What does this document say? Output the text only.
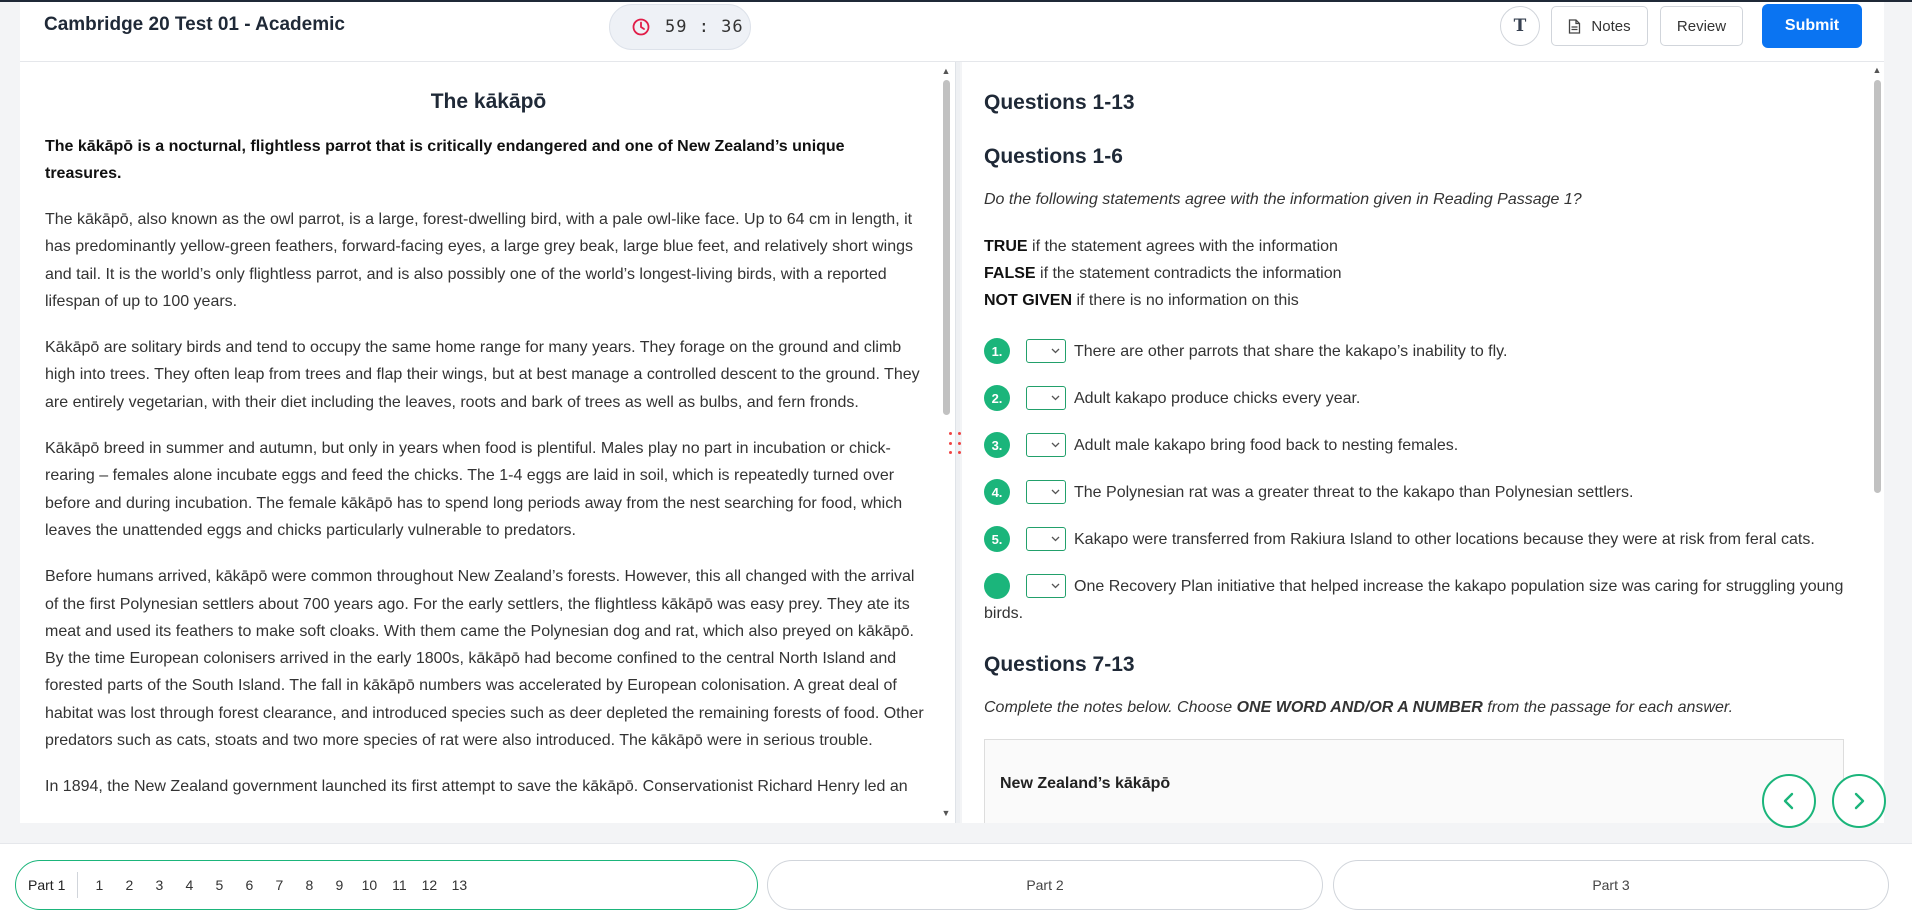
Cambridge 20 Test 01 - Academic	59 : 36	T	Notes	Review	Submit
The kākāpō
The kākāpō is a nocturnal, flightless parrot that is critically endangered and one of New Zealand’s unique treasures.

The kākāpō, also known as the owl parrot, is a large, forest-dwelling bird, with a pale owl-like face. Up to 64 cm in length, it has predominantly yellow-green feathers, forward-facing eyes, a large grey beak, large blue feet, and relatively short wings and tail. It is the world’s only flightless parrot, and is also possibly one of the world’s longest-living birds, with a reported lifespan of up to 100 years.

Kākāpō are solitary birds and tend to occupy the same home range for many years. They forage on the ground and climb high into trees. They often leap from trees and flap their wings, but at best manage a controlled descent to the ground. They are entirely vegetarian, with their diet including the leaves, roots and bark of trees as well as bulbs, and fern fronds.

Kākāpō breed in summer and autumn, but only in years when food is plentiful. Males play no part in incubation or chick-rearing – females alone incubate eggs and feed the chicks. The 1-4 eggs are laid in soil, which is repeatedly turned over before and during incubation. The female kākāpō has to spend long periods away from the nest searching for food, which leaves the unattended eggs and chicks particularly vulnerable to predators.

Before humans arrived, kākāpō were common throughout New Zealand’s forests. However, this all changed with the arrival of the first Polynesian settlers about 700 years ago. For the early settlers, the flightless kākāpō was easy prey. They ate its meat and used its feathers to make soft cloaks. With them came the Polynesian dog and rat, which also preyed on kākāpō. By the time European colonisers arrived in the early 1800s, kākāpō had become confined to the central North Island and forested parts of the South Island. The fall in kākāpō numbers was accelerated by European colonisation. A great deal of habitat was lost through forest clearance, and introduced species such as deer depleted the remaining forests of food. Other predators such as cats, stoats and two more species of rat were also introduced. The kākāpō were in serious trouble.

In 1894, the New Zealand government launched its first attempt to save the kākāpō. Conservationist Richard Henry led an

▲
▼
Questions 1-13
Questions 1-6
Do the following statements agree with the information given in Reading Passage 1?
TRUE if the statement agrees with the information
FALSE if the statement contradicts the information
NOT GIVEN if there is no information on this
1.	There are other parrots that share the kakapo’s inability to fly.
2.	Adult kakapo produce chicks every year.
3.	Adult male kakapo bring food back to nesting females.
4.	The Polynesian rat was a greater threat to the kakapo than Polynesian settlers.
5.	Kakapo were transferred from Rakiura Island to other locations because they were at risk from feral cats.
One Recovery Plan initiative that helped increase the kakapo population size was caring for struggling young birds.
Questions 7-13
Complete the notes below. Choose ONE WORD AND/OR A NUMBER from the passage for each answer.
New Zealand’s kākāpō
▲
Part 1	1	2	3	4	5	6	7	8	9	10	11	12	13	Part 2	Part 3
